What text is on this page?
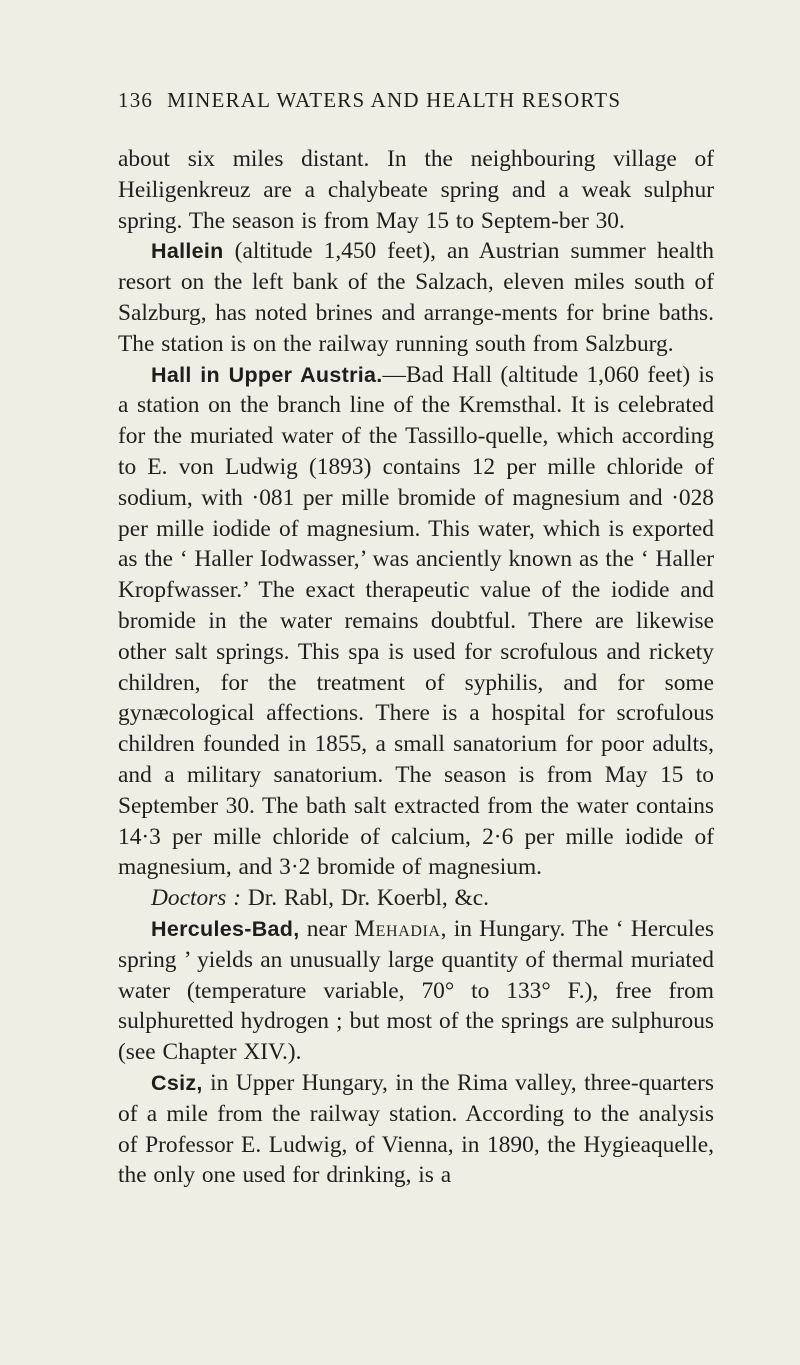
136 MINERAL WATERS AND HEALTH RESORTS

about six miles distant. In the neighbouring village of Heiligenkreuz are a chalybeate spring and a weak sulphur spring. The season is from May 15 to Septem-ber 30.

Hallein (altitude 1,450 feet), an Austrian summer health resort on the left bank of the Salzach, eleven miles south of Salzburg, has noted brines and arrange-ments for brine baths. The station is on the railway running south from Salzburg.

Hall in Upper Austria.—Bad Hall (altitude 1,060 feet) is a station on the branch line of the Kremsthal. It is celebrated for the muriated water of the Tassillo-quelle, which according to E. von Ludwig (1893) contains 12 per mille chloride of sodium, with ·081 per mille bromide of magnesium and ·028 per mille iodide of magnesium. This water, which is exported as the ‘ Haller Iodwasser,’ was anciently known as the ‘ Haller Kropfwasser.’ The exact therapeutic value of the iodide and bromide in the water remains doubtful. There are likewise other salt springs. This spa is used for scrofulous and rickety children, for the treatment of syphilis, and for some gynæcological affections. There is a hospital for scrofulous children founded in 1855, a small sanatorium for poor adults, and a military sanatorium. The season is from May 15 to September 30. The bath salt extracted from the water contains 14·3 per mille chloride of calcium, 2·6 per mille iodide of magnesium, and 3·2 bromide of magnesium.

Doctors : Dr. Rabl, Dr. Koerbl, &c.

Hercules-Bad, near Mehadia, in Hungary. The ‘ Hercules spring ’ yields an unusually large quantity of thermal muriated water (temperature variable, 70° to 133° F.), free from sulphuretted hydrogen ; but most of the springs are sulphurous (see Chapter XIV.).

Csiz, in Upper Hungary, in the Rima valley, three-quarters of a mile from the railway station. According to the analysis of Professor E. Ludwig, of Vienna, in 1890, the Hygieaquelle, the only one used for drinking, is a
